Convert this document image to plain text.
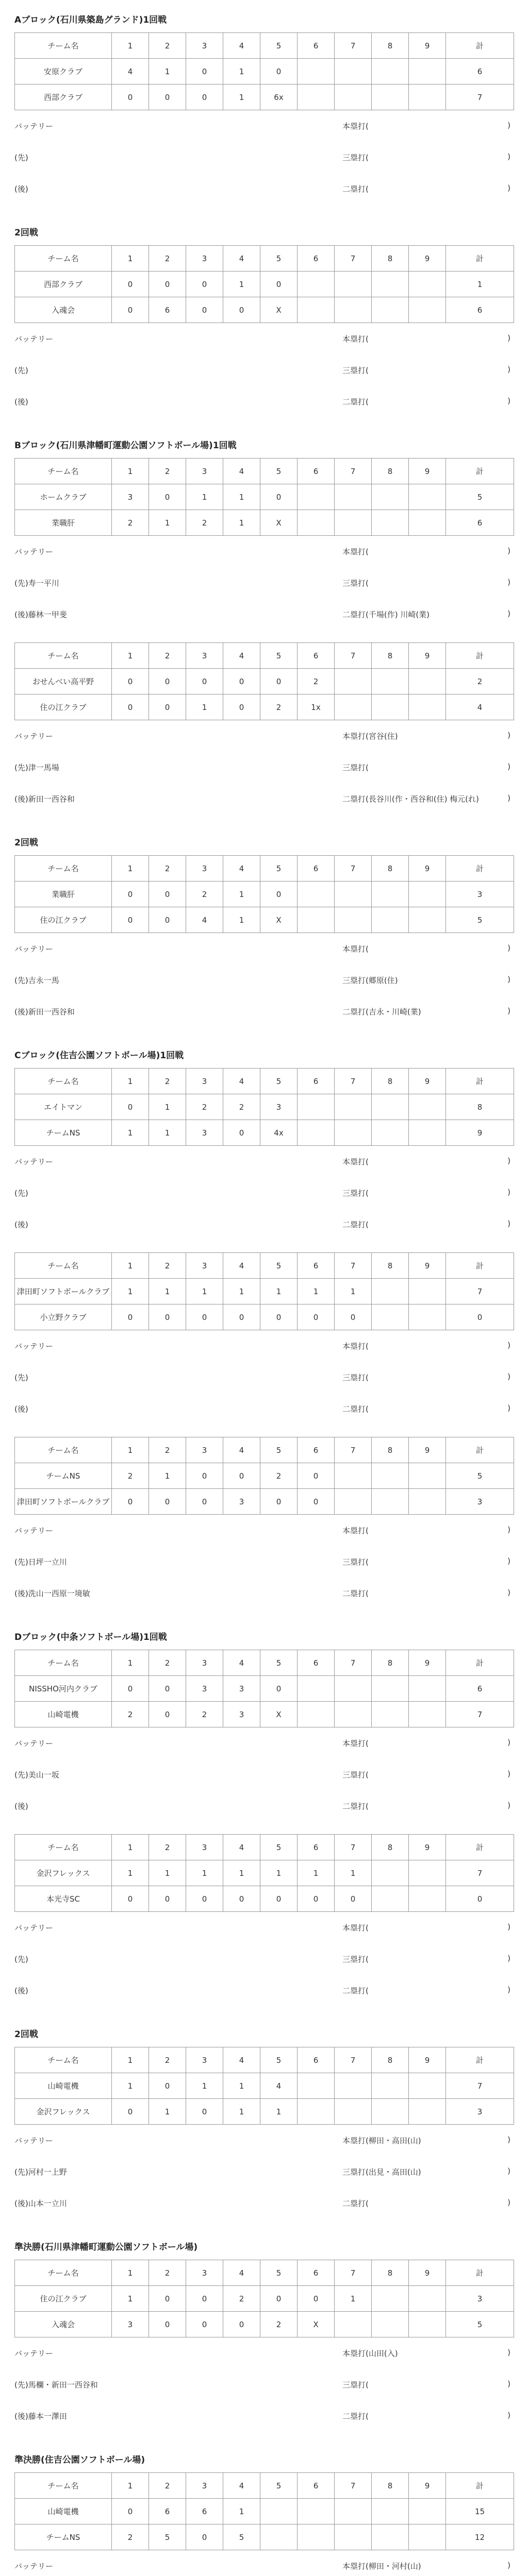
Aブロック(石川県築島グランド)1回戦
チーム名	1	2	3	4	5	6	7	8	9	計
安原クラブ	4	1	0	1	0					6
西部クラブ	0	0	0	1	6x					7
バッテリー	本塁打(	)
(先)	三塁打(	)
(後)	二塁打(	)
2回戦
チーム名	1	2	3	4	5	6	7	8	9	計
西部クラブ	0	0	0	1	0					1
入魂会	0	6	0	0	X					6
バッテリー	本塁打(	)
(先)	三塁打(	)
(後)	二塁打(	)
Bブロック(石川県津幡町運動公園ソフトボール場)1回戦
チーム名	1	2	3	4	5	6	7	8	9	計
ホームクラブ	3	0	1	1	0					5
業職肝	2	1	2	1	X					6
バッテリー	本塁打(	)
(先)寿一平川	三塁打(	)
(後)藤林一甲斐	二塁打(千場(作) 川崎(業)	)
チーム名	1	2	3	4	5	6	7	8	9	計
おせんべい高平野	0	0	0	0	0	2				2
住の江クラブ	0	0	1	0	2	1x				4
バッテリー	本塁打(宮谷(住)	)
(先)津一馬場	三塁打(	)
(後)新田一西谷和	二塁打(長谷川(作・西谷和(住) 梅元(れ)	)
2回戦
チーム名	1	2	3	4	5	6	7	8	9	計
業職肝	0	0	2	1	0					3
住の江クラブ	0	0	4	1	X					5
バッテリー	本塁打(	)
(先)吉永一馬	三塁打(郷原(住)	)
(後)新田一西谷和	二塁打(吉永・川崎(業)	)
Cブロック(住吉公園ソフトボール場)1回戦
チーム名	1	2	3	4	5	6	7	8	9	計
エイトマン	0	1	2	2	3					8
チームNS	1	1	3	0	4x					9
バッテリー	本塁打(	)
(先)	三塁打(	)
(後)	二塁打(	)
チーム名	1	2	3	4	5	6	7	8	9	計
津田町ソフトボールクラブ	1	1	1	1	1	1	1			7
小立野クラブ	0	0	0	0	0	0	0			0
バッテリー	本塁打(	)
(先)	三塁打(	)
(後)	二塁打(	)
チーム名	1	2	3	4	5	6	7	8	9	計
チームNS	2	1	0	0	2	0				5
津田町ソフトボールクラブ	0	0	0	3	0	0				3
バッテリー	本塁打(	)
(先)日坪一立川	三塁打(	)
(後)洗山一西原一境敏	二塁打(	)
Dブロック(中条ソフトボール場)1回戦
チーム名	1	2	3	4	5	6	7	8	9	計
NISSHO河内クラブ	0	0	3	3	0					6
山崎電機	2	0	2	3	X					7
バッテリー	本塁打(	)
(先)美山一坂	三塁打(	)
(後)	二塁打(	)
チーム名	1	2	3	4	5	6	7	8	9	計
金沢フレックス	1	1	1	1	1	1	1			7
本光寺SC	0	0	0	0	0	0	0			0
バッテリー	本塁打(	)
(先)	三塁打(	)
(後)	二塁打(	)
2回戦
チーム名	1	2	3	4	5	6	7	8	9	計
山崎電機	1	0	1	1	4					7
金沢フレックス	0	1	0	1	1					3
バッテリー	本塁打(柳田・高田(山)	)
(先)河村一上野	三塁打(出見・高田(山)	)
(後)山本一立川	二塁打(	)
準決勝(石川県津幡町運動公園ソフトボール場)
チーム名	1	2	3	4	5	6	7	8	9	計
住の江クラブ	1	0	0	2	0	0	1			3
入魂会	3	0	0	0	2	X				5
バッテリー	本塁打(山田(入)	)
(先)馬欄・新田一西谷和	三塁打(	)
(後)藤本一澤田	二塁打(	)
準決勝(住吉公園ソフトボール場)
チーム名	1	2	3	4	5	6	7	8	9	計
山崎電機	0	6	6	1						15
チームNS	2	5	0	5						12
バッテリー	本塁打(柳田・河村(山)	)
